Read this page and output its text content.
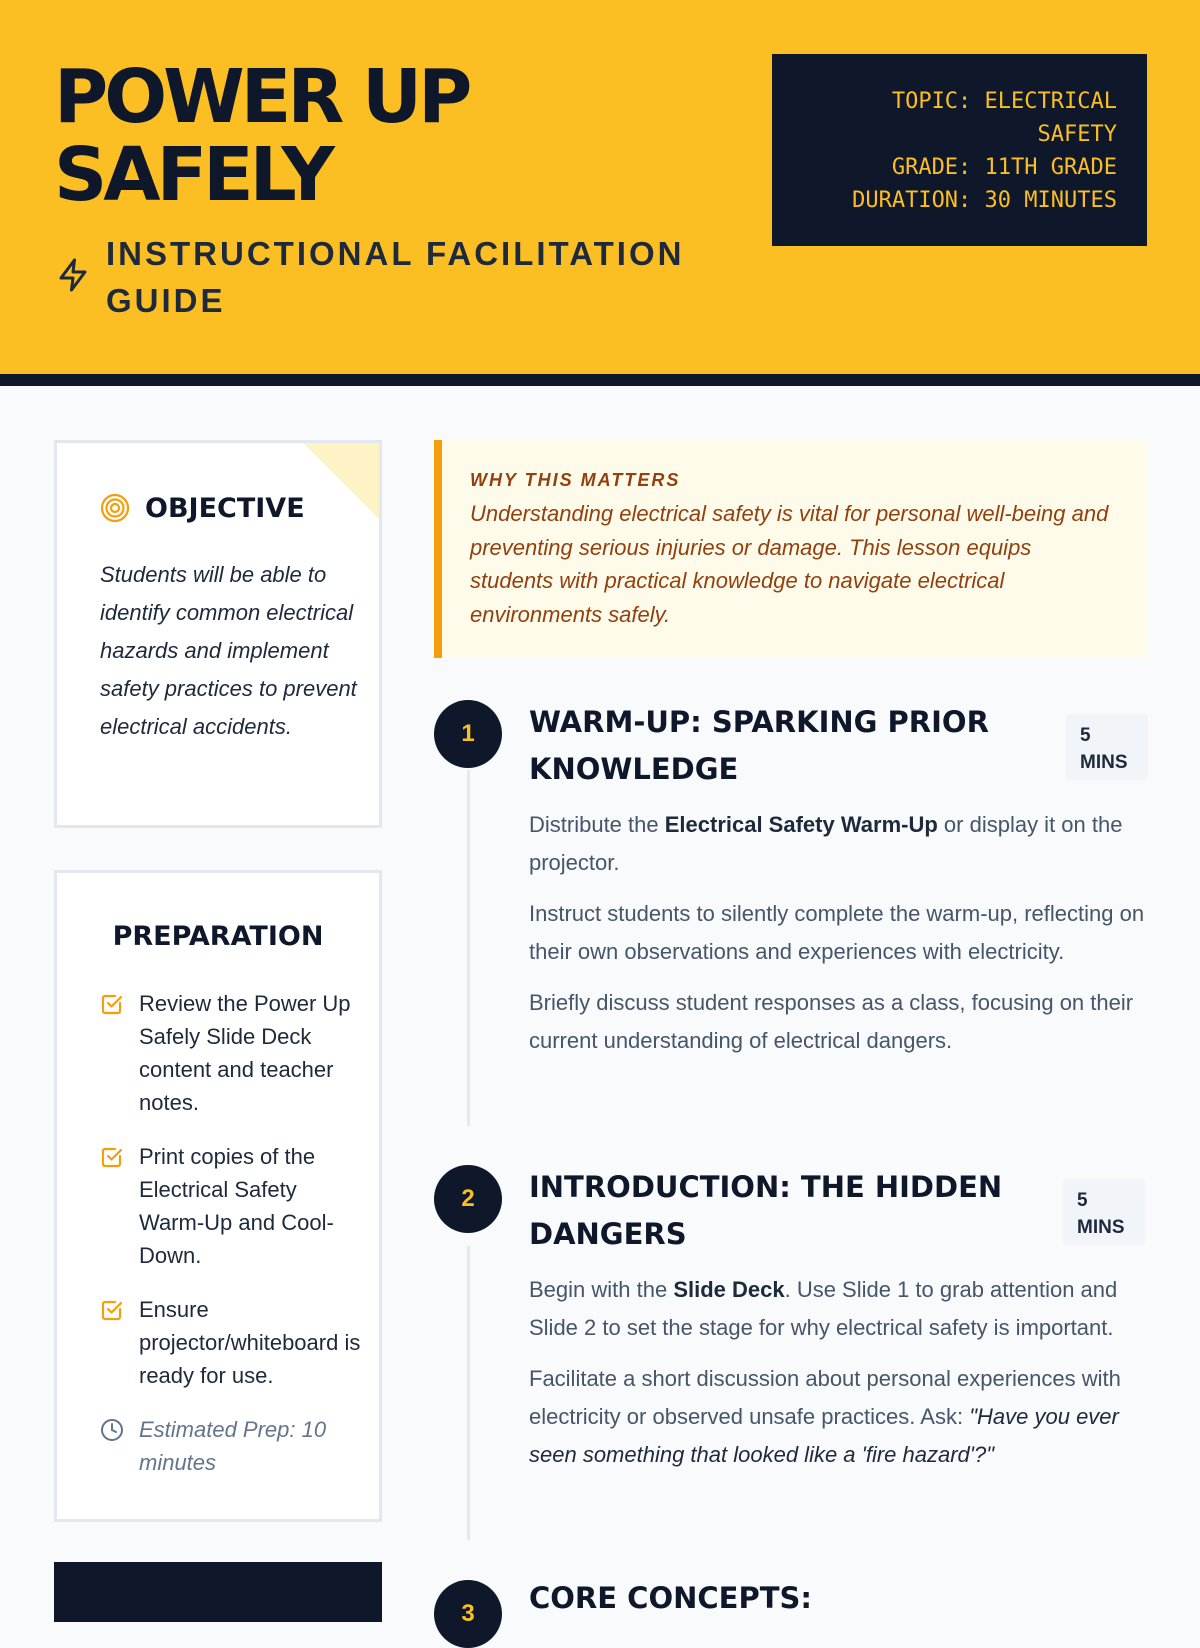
POWER UP
SAFELY
INSTRUCTIONAL FACILITATION GUIDE
TOPIC: ELECTRICAL
SAFETY
GRADE: 11TH GRADE
DURATION: 30 MINUTES
OBJECTIVE
Students will be able to identify common electrical hazards and implement safety practices to prevent electrical accidents.
PREPARATION
Review the Power Up Safely Slide Deck content and teacher notes.
Print copies of the Electrical Safety Warm-Up and Cool-Down.
Ensure projector/whiteboard is ready for use.
Estimated Prep: 10 minutes
WHY THIS MATTERS
Understanding electrical safety is vital for personal well-being and preventing serious injuries or damage. This lesson equips students with practical knowledge to navigate electrical environments safely.
1	WARM-UP: SPARKING PRIOR KNOWLEDGE
5
MINS

Distribute the Electrical Safety Warm-Up or display it on the projector.

Instruct students to silently complete the warm-up, reflecting on their own observations and experiences with electricity.

Briefly discuss student responses as a class, focusing on their current understanding of electrical dangers.

2	INTRODUCTION: THE HIDDEN DANGERS
5
MINS

Begin with the Slide Deck. Use Slide 1 to grab attention and Slide 2 to set the stage for why electrical safety is important.

Facilitate a short discussion about personal experiences with electricity or observed unsafe practices. Ask: "Have you ever seen something that looked like a 'fire hazard'?"

3	CORE CONCEPTS:
